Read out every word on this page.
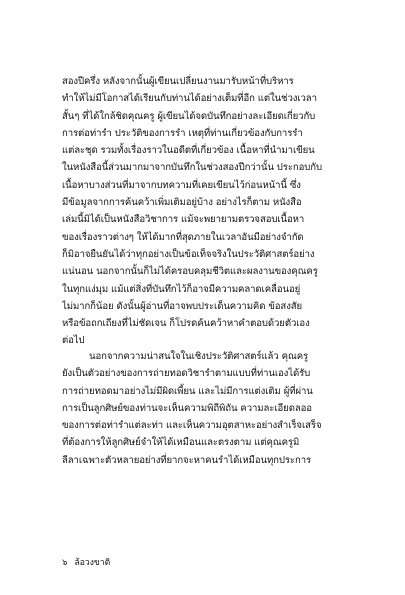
สองปีครึ่ง หลังจากนั้นผู้เขียนเปลี่ยนงานมารับหน้าที่บริหาร
ทำให้ไม่มีโอกาสได้เรียนกับท่านได้อย่างเต็มที่อีก แต่ในช่วงเวลา
สั้นๆ ที่ได้ใกล้ชิดคุณครู ผู้เขียนได้จดบันทึกอย่างละเอียดเกี่ยวกับ
การต่อท่ารำ ประวัติของการรำ เหตุที่ท่านเกี่ยวข้องกับการรำ
แต่ละชุด รวมทั้งเรื่องราวในอดีตที่เกี่ยวข้อง เนื้อหาที่นำมาเขียน
ในหนังสือนี้ส่วนมากมาจากบันทึกในช่วงสองปีกว่านั้น ประกอบกับ
เนื้อหาบางส่วนที่มาจากบทความที่เคยเขียนไว้ก่อนหน้านี้ ซึ่ง
มีข้อมูลจากการค้นคว้าเพิ่มเติมอยู่บ้าง อย่างไรก็ตาม หนังสือ
เล่มนี้มิได้เป็นหนังสือวิชาการ แม้จะพยายามตรวจสอบเนื้อหา
ของเรื่องราวต่างๆ ให้ได้มากที่สุดภายในเวลาอันมีอย่างจำกัด
ก็มิอาจยืนยันได้ว่าทุกอย่างเป็นข้อเท็จจริงในประวัติศาสตร์อย่าง
แน่นอน นอกจากนั้นก็ไม่ได้ครอบคลุมชีวิตและผลงานของคุณครู
ในทุกแง่มุม แม้แต่สิ่งที่บันทึกไว้ก็อาจมีความคลาดเคลื่อนอยู่
ไม่มากก็น้อย ดังนั้นผู้อ่านที่อาจพบประเด็นความคิด ข้อสงสัย
หรือข้อถกเถียงที่ไม่ชัดเจน ก็โปรดค้นคว้าหาคำตอบด้วยตัวเอง
ต่อไป
นอกจากความน่าสนใจในเชิงประวัติศาสตร์แล้ว คุณครู
ยังเป็นตัวอย่างของการถ่ายทอดวิชารำตามแบบที่ท่านเองได้รับ
การถ่ายทอดมาอย่างไม่มีผิดเพี้ยน และไม่มีการแต่งเติม ผู้ที่ผ่าน
การเป็นลูกศิษย์ของท่านจะเห็นความพิถีพิถัน ความละเอียดลออ
ของการต่อท่ารำแต่ละท่า และเห็นความอุตสาหะอย่างสำเร็จเสร็จ
ที่ต้องการให้ลูกศิษย์จำให้ได้เหมือนและตรงตาม แต่คุณครูมิ
ลีลาเฉพาะตัวหลายอย่างที่ยากจะหาคนรำได้เหมือนทุกประการ
๖ ล้อวงขาติ
